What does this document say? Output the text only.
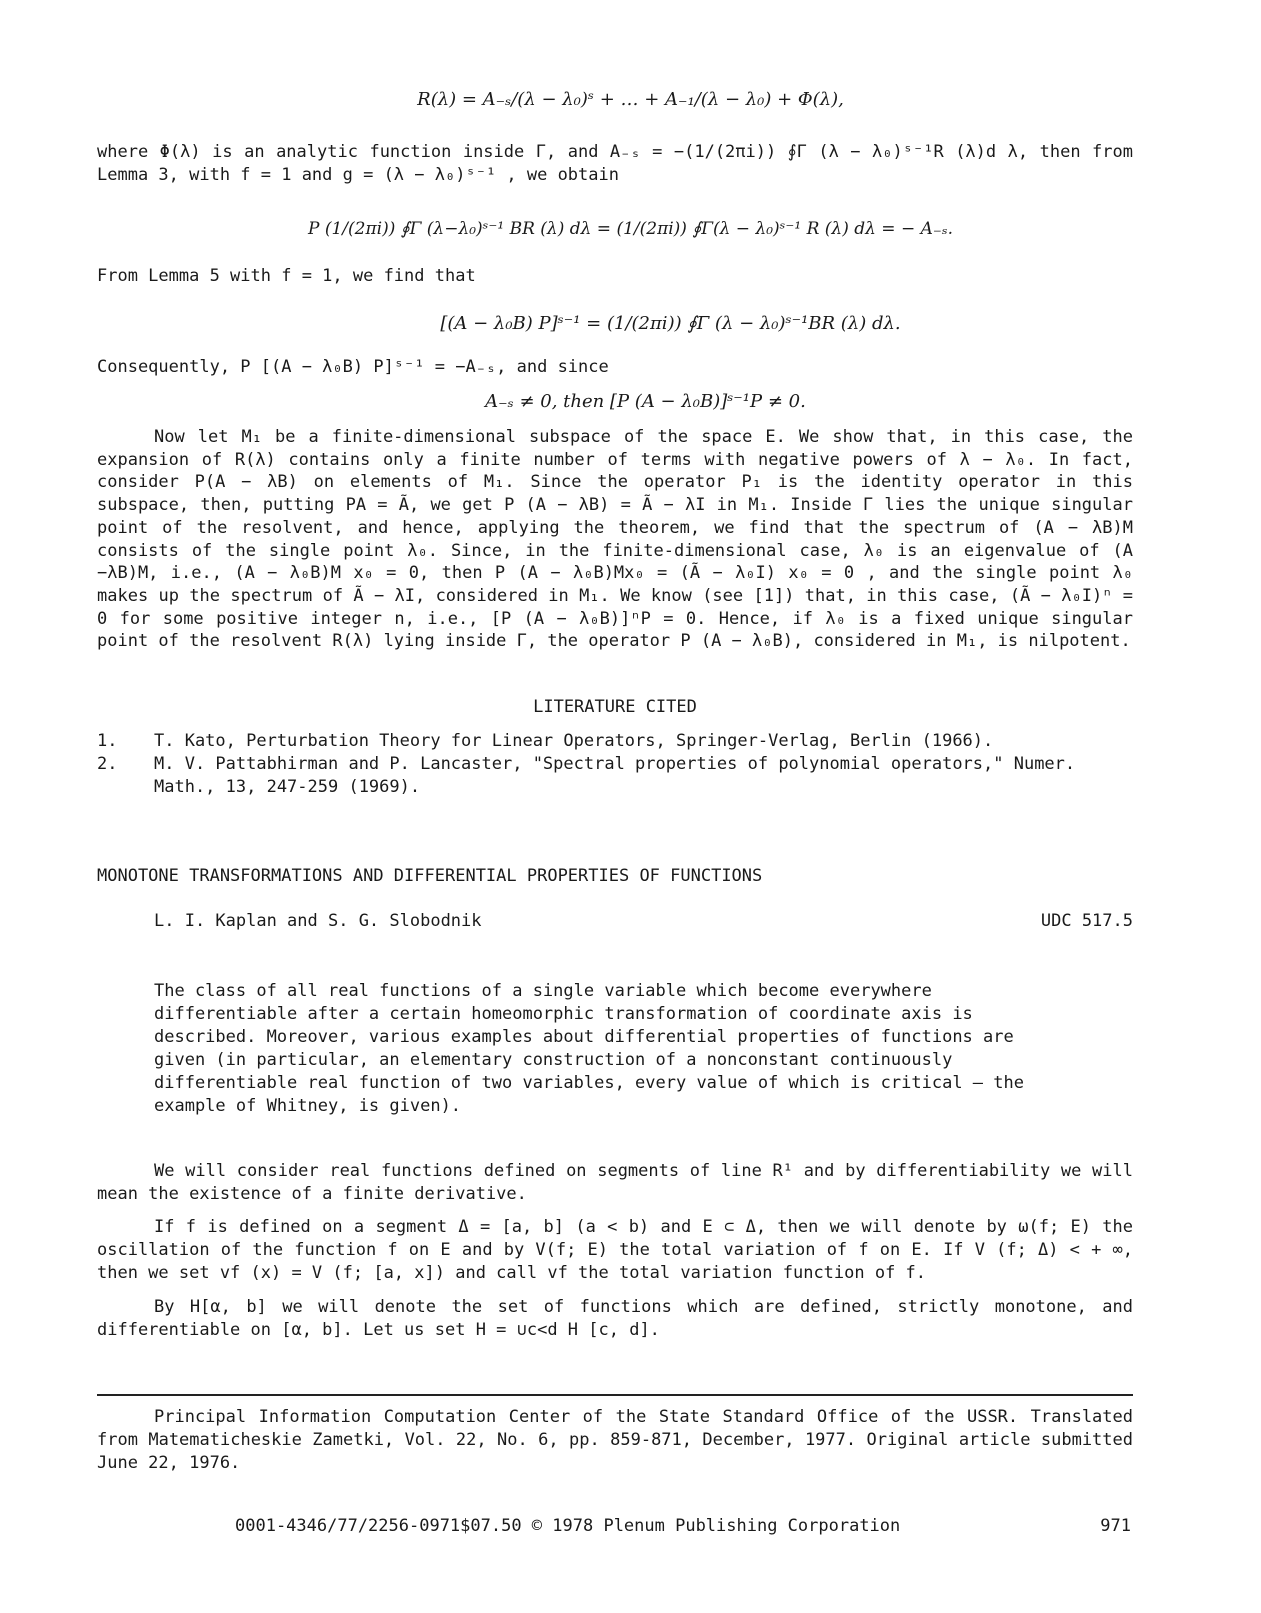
R(λ) = A₋ₛ/(λ − λ₀)ˢ + … + A₋₁/(λ − λ₀) + Φ(λ),
where Φ(λ) is an analytic function inside Γ, and A₋ₛ = −(1/(2πi)) ∮Γ (λ − λ₀)ˢ⁻¹R (λ)d λ, then from Lemma 3, with f = 1 and g = (λ − λ₀)ˢ⁻¹ , we obtain
P (1/(2πi)) ∮Γ (λ−λ₀)ˢ⁻¹ BR (λ) dλ = (1/(2πi)) ∮Γ(λ − λ₀)ˢ⁻¹ R (λ) dλ = − A₋ₛ.
From Lemma 5 with f = 1, we find that
[(A − λ₀B) P]ˢ⁻¹ = (1/(2πi)) ∮Γ (λ − λ₀)ˢ⁻¹BR (λ) dλ.
Consequently, P [(A − λ₀B) P]ˢ⁻¹ = −A₋ₛ, and since
A₋ₛ ≠ 0, then [P (A − λ₀B)]ˢ⁻¹P ≠ 0.
Now let M₁ be a finite-dimensional subspace of the space E. We show that, in this case, the expansion of R(λ) contains only a finite number of terms with negative powers of λ − λ₀. In fact, consider P(A − λB) on elements of M₁. Since the operator P₁ is the identity operator in this subspace, then, putting PA = Ã, we get P (A − λB) = Ã − λI in M₁. Inside Γ lies the unique singular point of the resolvent, and hence, applying the theorem, we find that the spectrum of (A − λB)M consists of the single point λ₀. Since, in the finite-dimensional case, λ₀ is an eigenvalue of (A −λB)M, i.e., (A − λ₀B)M x₀ = 0, then P (A − λ₀B)Mx₀ = (Ã − λ₀I) x₀ = 0 , and the single point λ₀ makes up the spectrum of Ã − λI, considered in M₁. We know (see [1]) that, in this case, (Ã − λ₀I)ⁿ = 0 for some positive integer n, i.e., [P (A − λ₀B)]ⁿP = 0. Hence, if λ₀ is a fixed unique singular point of the resolvent R(λ) lying inside Γ, the operator P (A − λ₀B), considered in M₁, is nilpotent.
LITERATURE CITED
1.	T. Kato, Perturbation Theory for Linear Operators, Springer-Verlag, Berlin (1966).
2.	M. V. Pattabhirman and P. Lancaster, "Spectral properties of polynomial operators," Numer. Math., 13, 247-259 (1969).
MONOTONE TRANSFORMATIONS AND DIFFERENTIAL PROPERTIES OF FUNCTIONS
L. I. Kaplan and S. G. Slobodnik	UDC 517.5
The class of all real functions of a single variable which become everywhere differentiable after a certain homeomorphic transformation of coordinate axis is described. Moreover, various examples about differential properties of functions are given (in particular, an elementary construction of a nonconstant continuously differentiable real function of two variables, every value of which is critical — the example of Whitney, is given).
We will consider real functions defined on segments of line R¹ and by differentiability we will mean the existence of a finite derivative.
If f is defined on a segment Δ = [a, b] (a < b) and E ⊂ Δ, then we will denote by ω(f; E) the oscillation of the function f on E and by V(f; E) the total variation of f on E. If V (f; Δ) < + ∞, then we set vf (x) = V (f; [a, x]) and call vf the total variation function of f.
By H[α, b] we will denote the set of functions which are defined, strictly monotone, and differentiable on [α, b]. Let us set H = ∪c<d H [c, d].
Principal Information Computation Center of the State Standard Office of the USSR. Translated from Matematicheskie Zametki, Vol. 22, No. 6, pp. 859-871, December, 1977. Original article submitted June 22, 1976.
0001-4346/77/2256-0971$07.50 © 1978 Plenum Publishing Corporation	971
